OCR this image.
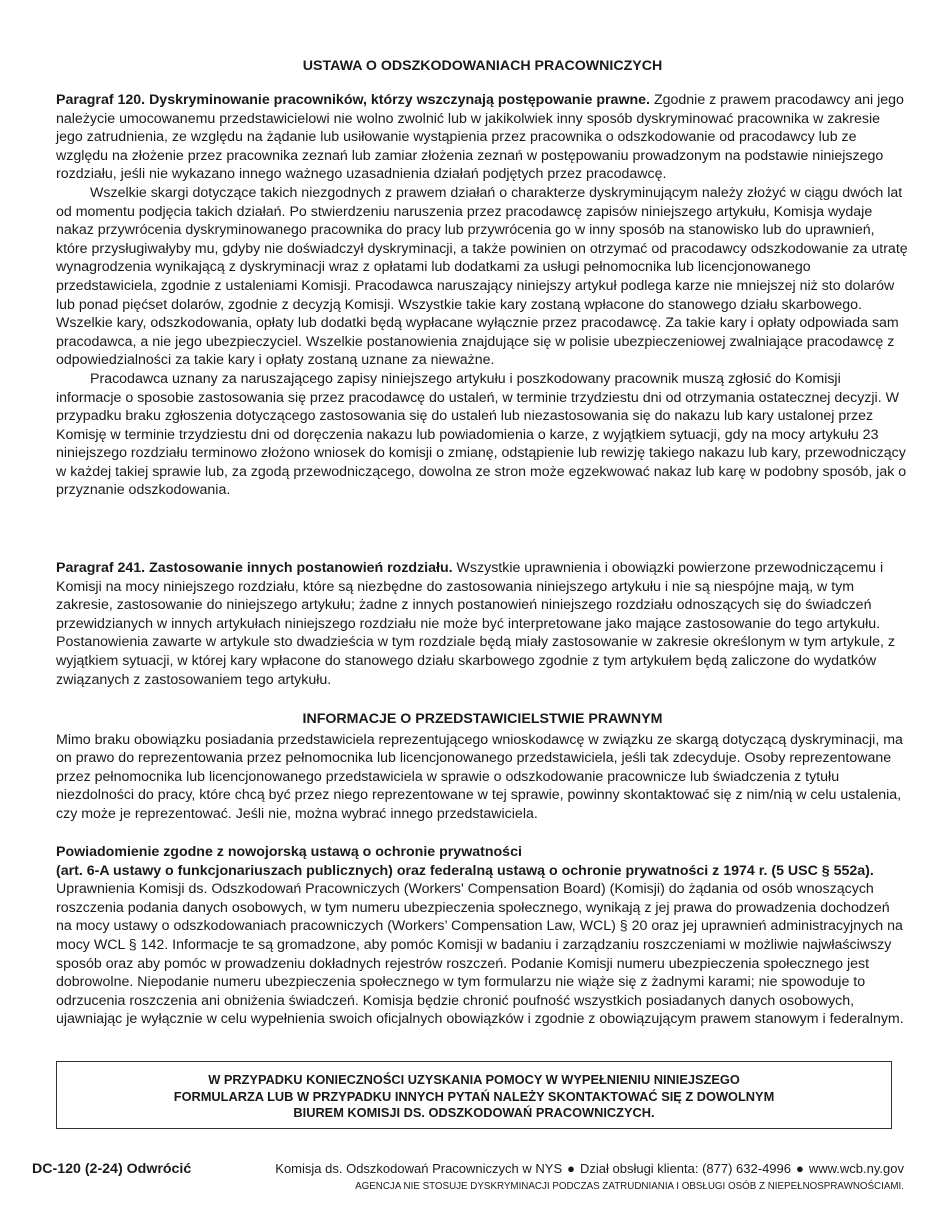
USTAWA O ODSZKODOWANIACH PRACOWNICZYCH

Paragraf 120. Dyskryminowanie pracowników, którzy wszczynają postępowanie prawne. Zgodnie z prawem pracodawcy ani jego należycie umocowanemu przedstawicielowi nie wolno zwolnić lub w jakikolwiek inny sposób dyskryminować pracownika w zakresie jego zatrudnienia, ze względu na żądanie lub usiłowanie wystąpienia przez pracownika o odszkodowanie od pracodawcy lub ze względu na złożenie przez pracownika zeznań lub zamiar złożenia zeznań w postępowaniu prowadzonym na podstawie niniejszego rozdziału, jeśli nie wykazano innego ważnego uzasadnienia działań podjętych przez pracodawcę.

Wszelkie skargi dotyczące takich niezgodnych z prawem działań o charakterze dyskryminującym należy złożyć w ciągu dwóch lat od momentu podjęcia takich działań. Po stwierdzeniu naruszenia przez pracodawcę zapisów niniejszego artykułu, Komisja wydaje nakaz przywrócenia dyskryminowanego pracownika do pracy lub przywrócenia go w inny sposób na stanowisko lub do uprawnień, które przysługiwałyby mu, gdyby nie doświadczył dyskryminacji, a także powinien on otrzymać od pracodawcy odszkodowanie za utratę wynagrodzenia wynikającą z dyskryminacji wraz z opłatami lub dodatkami za usługi pełnomocnika lub licencjonowanego przedstawiciela, zgodnie z ustaleniami Komisji. Pracodawca naruszający niniejszy artykuł podlega karze nie mniejszej niż sto dolarów lub ponad pięćset dolarów, zgodnie z decyzją Komisji. Wszystkie takie kary zostaną wpłacone do stanowego działu skarbowego. Wszelkie kary, odszkodowania, opłaty lub dodatki będą wypłacane wyłącznie przez pracodawcę. Za takie kary i opłaty odpowiada sam pracodawca, a nie jego ubezpieczyciel. Wszelkie postanowienia znajdujące się w polisie ubezpieczeniowej zwalniające pracodawcę z odpowiedzialności za takie kary i opłaty zostaną uznane za nieważne.

Pracodawca uznany za naruszającego zapisy niniejszego artykułu i poszkodowany pracownik muszą zgłosić do Komisji informacje o sposobie zastosowania się przez pracodawcę do ustaleń, w terminie trzydziestu dni od otrzymania ostatecznej decyzji. W przypadku braku zgłoszenia dotyczącego zastosowania się do ustaleń lub niezastosowania się do nakazu lub kary ustalonej przez Komisję w terminie trzydziestu dni od doręczenia nakazu lub powiadomienia o karze, z wyjątkiem sytuacji, gdy na mocy artykułu 23 niniejszego rozdziału terminowo złożono wniosek do komisji o zmianę, odstąpienie lub rewizję takiego nakazu lub kary, przewodniczący w każdej takiej sprawie lub, za zgodą przewodniczącego, dowolna ze stron może egzekwować nakaz lub karę w podobny sposób, jak o przyznanie odszkodowania.

Paragraf 241. Zastosowanie innych postanowień rozdziału. Wszystkie uprawnienia i obowiązki powierzone przewodniczącemu i Komisji na mocy niniejszego rozdziału, które są niezbędne do zastosowania niniejszego artykułu i nie są niespójne mają, w tym zakresie, zastosowanie do niniejszego artykułu; żadne z innych postanowień niniejszego rozdziału odnoszących się do świadczeń przewidzianych w innych artykułach niniejszego rozdziału nie może być interpretowane jako mające zastosowanie do tego artykułu. Postanowienia zawarte w artykule sto dwadzieścia w tym rozdziale będą miały zastosowanie w zakresie określonym w tym artykule, z wyjątkiem sytuacji, w której kary wpłacone do stanowego działu skarbowego zgodnie z tym artykułem będą zaliczone do wydatków związanych z zastosowaniem tego artykułu.

INFORMACJE O PRZEDSTAWICIELSTWIE PRAWNYM

Mimo braku obowiązku posiadania przedstawiciela reprezentującego wnioskodawcę w związku ze skargą dotyczącą dyskryminacji, ma on prawo do reprezentowania przez pełnomocnika lub licencjonowanego przedstawiciela, jeśli tak zdecyduje. Osoby reprezentowane przez pełnomocnika lub licencjonowanego przedstawiciela w sprawie o odszkodowanie pracownicze lub świadczenia z tytułu niezdolności do pracy, które chcą być przez niego reprezentowane w tej sprawie, powinny skontaktować się z nim/nią w celu ustalenia, czy może je reprezentować. Jeśli nie, można wybrać innego przedstawiciela.

Powiadomienie zgodne z nowojorską ustawą o ochronie prywatności

(art. 6-A ustawy o funkcjonariuszach publicznych) oraz federalną ustawą o ochronie prywatności z 1974 r. (5 USC § 552a).

Uprawnienia Komisji ds. Odszkodowań Pracowniczych (Workers' Compensation Board) (Komisji) do żądania od osób wnoszących roszczenia podania danych osobowych, w tym numeru ubezpieczenia społecznego, wynikają z jej prawa do prowadzenia dochodzeń na mocy ustawy o odszkodowaniach pracowniczych (Workers’ Compensation Law, WCL) § 20 oraz jej uprawnień administracyjnych na mocy WCL § 142. Informacje te są gromadzone, aby pomóc Komisji w badaniu i zarządzaniu roszczeniami w możliwie najwłaściwszy sposób oraz aby pomóc w prowadzeniu dokładnych rejestrów roszczeń. Podanie Komisji numeru ubezpieczenia społecznego jest dobrowolne. Niepodanie numeru ubezpieczenia społecznego w tym formularzu nie wiąże się z żadnymi karami; nie spowoduje to odrzucenia roszczenia ani obniżenia świadczeń. Komisja będzie chronić poufność wszystkich posiadanych danych osobowych, ujawniając je wyłącznie w celu wypełnienia swoich oficjalnych obowiązków i zgodnie z obowiązującym prawem stanowym i federalnym.

W PRZYPADKU KONIECZNOŚCI UZYSKANIA POMOCY W WYPEŁNIENIU NINIEJSZEGO
FORMULARZA LUB W PRZYPADKU INNYCH PYTAŃ NALEŻY SKONTAKTOWAĆ SIĘ Z DOWOLNYM
BIUREM KOMISJI DS. ODSZKODOWAŃ PRACOWNICZYCH.
DC-120 (2-24) Odwrócić	Komisja ds. Odszkodowań Pracowniczych w NYS ● Dział obsługi klienta: (877) 632-4996 ● www.wcb.ny.gov
AGENCJA NIE STOSUJE DYSKRYMINACJI PODCZAS ZATRUDNIANIA I OBSŁUGI OSÓB Z NIEPEŁNOSPRAWNOŚCIAMI.
